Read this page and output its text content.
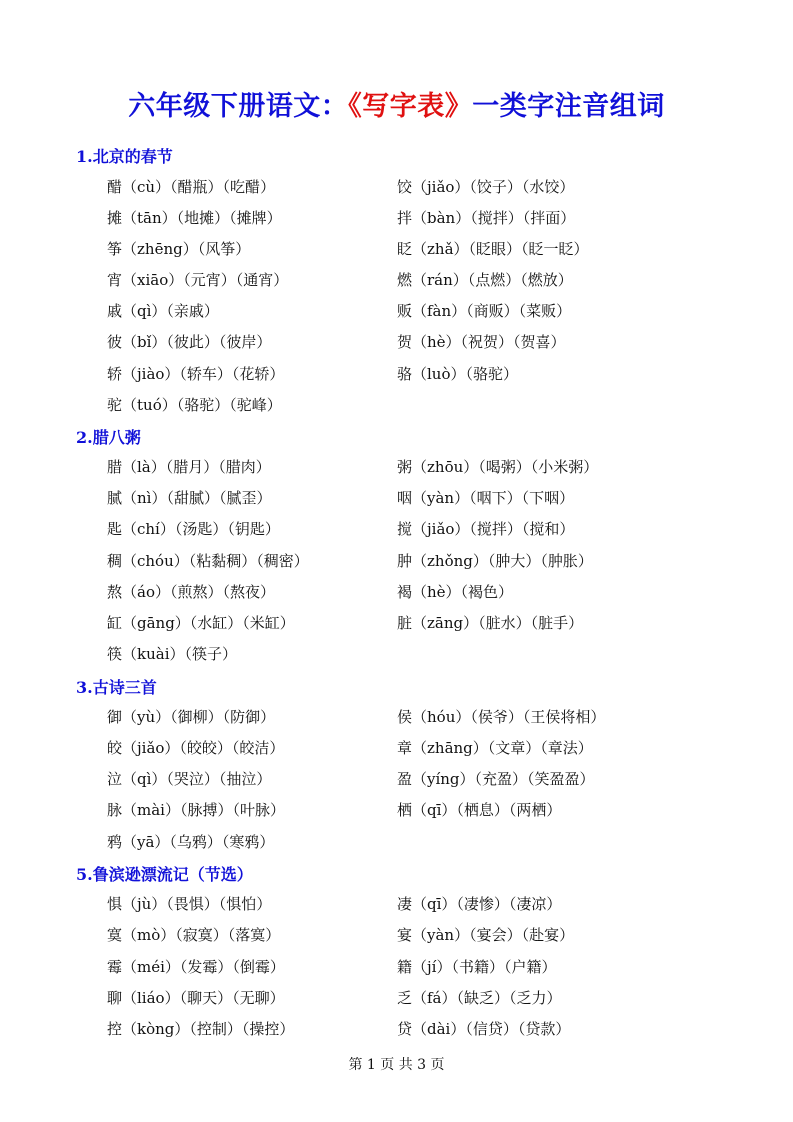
六年级下册语文：《写字表》一类字注音组词
1.北京的春节
醋（cù）（醋瓶）（吃醋）
摊（tān）（地摊）（摊牌）
筝（zhēng）（风筝）
宵（xiāo）（元宵）（通宵）
戚（qì）（亲戚）
彼（bǐ）（彼此）（彼岸）
轿（jiào）（轿车）（花轿）
驼（tuó）（骆驼）（驼峰）
饺（jiǎo）（饺子）（水饺）
拌（bàn）（搅拌）（拌面）
眨（zhǎ）（眨眼）（眨一眨）
燃（rán）（点燃）（燃放）
贩（fàn）（商贩）（菜贩）
贺（hè）（祝贺）（贺喜）
骆（luò）（骆驼）
2.腊八粥
腊（là）（腊月）（腊肉）
腻（nì）（甜腻）（腻歪）
匙（chí）（汤匙）（钥匙）
稠（chóu）（粘黏稠）（稠密）
熬（áo）（煎熬）（熬夜）
缸（gāng）（水缸）（米缸）
筷（kuài）（筷子）
粥（zhōu）（喝粥）（小米粥）
咽（yàn）（咽下）（下咽）
搅（jiǎo）（搅拌）（搅和）
肿（zhǒng）（肿大）（肿胀）
褐（hè）（褐色）
脏（zāng）（脏水）（脏手）
3.古诗三首
御（yù）（御柳）（防御）
皎（jiǎo）（皎皎）（皎洁）
泣（qì）（哭泣）（抽泣）
脉（mài）（脉搏）（叶脉）
鸦（yā）（乌鸦）（寒鸦）
侯（hóu）（侯爷）（王侯将相）
章（zhāng）（文章）（章法）
盈（yíng）（充盈）（笑盈盈）
栖（qī）（栖息）（两栖）
5.鲁滨逊漂流记（节选）
惧（jù）（畏惧）（惧怕）
寞（mò）（寂寞）（落寞）
霉（méi）（发霉）（倒霉）
聊（liáo）（聊天）（无聊）
控（kòng）（控制）（操控）
凄（qī）（凄惨）（凄凉）
宴（yàn）（宴会）（赴宴）
籍（jí）（书籍）（户籍）
乏（fá）（缺乏）（乏力）
贷（dài）（信贷）（贷款）
第 1 页 共 3 页
